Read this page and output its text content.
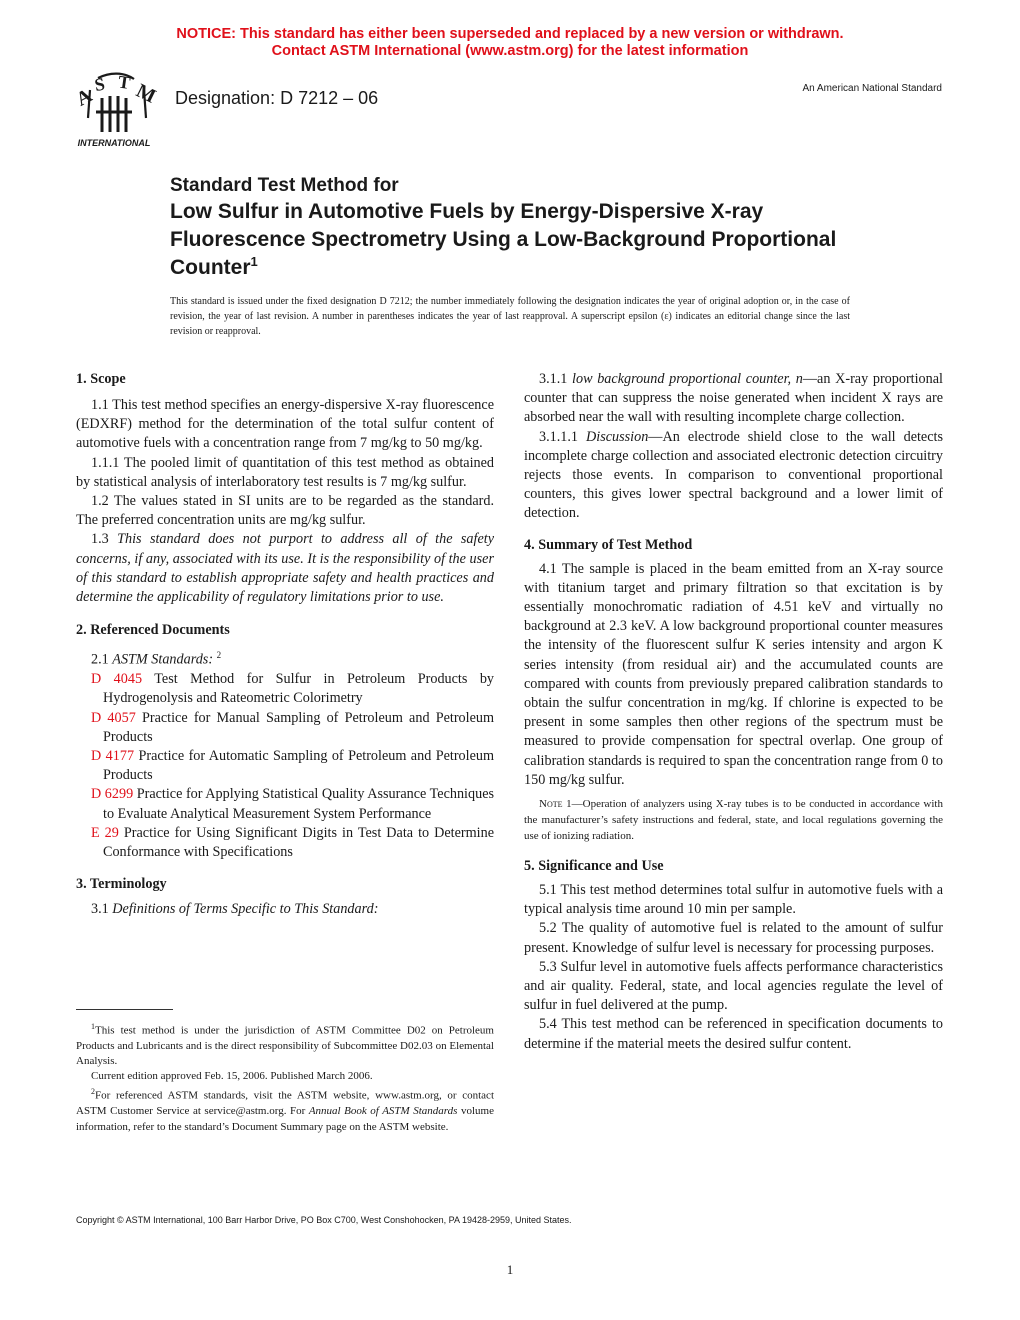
NOTICE: This standard has either been superseded and replaced by a new version or withdrawn.
Contact ASTM International (www.astm.org) for the latest information
A
S T M
INTERNATIONAL
Designation: D 7212 – 06	An American National Standard
Standard Test Method for
Low Sulfur in Automotive Fuels by Energy-Dispersive X-ray Fluorescence Spectrometry Using a Low-Background Proportional Counter$^1$
This standard is issued under the fixed designation D 7212; the number immediately following the designation indicates the year of original adoption or, in the case of revision, the year of last revision. A number in parentheses indicates the year of last reapproval. A superscript epsilon (ε) indicates an editorial change since the last revision or reapproval.
1. Scope

1.1 This test method specifies an energy-dispersive X-ray fluorescence (EDXRF) method for the determination of the total sulfur content of automotive fuels with a concentration range from 7 mg/kg to 50 mg/kg.

1.1.1 The pooled limit of quantitation of this test method as obtained by statistical analysis of interlaboratory test results is 7 mg/kg sulfur.

1.2 The values stated in SI units are to be regarded as the standard. The preferred concentration units are mg/kg sulfur.

1.3 This standard does not purport to address all of the safety concerns, if any, associated with its use. It is the responsibility of the user of this standard to establish appropriate safety and health practices and determine the applicability of regulatory limitations prior to use.

2. Referenced Documents

2.1 ASTM Standards: $^2$

D 4045 Test Method for Sulfur in Petroleum Products by Hydrogenolysis and Rateometric Colorimetry

D 4057 Practice for Manual Sampling of Petroleum and Petroleum Products

D 4177 Practice for Automatic Sampling of Petroleum and Petroleum Products

D 6299 Practice for Applying Statistical Quality Assurance Techniques to Evaluate Analytical Measurement System Performance

E 29 Practice for Using Significant Digits in Test Data to Determine Conformance with Specifications

3. Terminology

3.1 Definitions of Terms Specific to This Standard:

$^1$This test method is under the jurisdiction of ASTM Committee D02 on Petroleum Products and Lubricants and is the direct responsibility of Subcommittee D02.03 on Elemental Analysis.

Current edition approved Feb. 15, 2006. Published March 2006.

$^2$For referenced ASTM standards, visit the ASTM website, www.astm.org, or contact ASTM Customer Service at service@astm.org. For Annual Book of ASTM Standards volume information, refer to the standard’s Document Summary page on the ASTM website.

3.1.1 low background proportional counter, n—an X-ray proportional counter that can suppress the noise generated when incident X rays are absorbed near the wall with resulting incomplete charge collection.

3.1.1.1 Discussion—An electrode shield close to the wall detects incomplete charge collection and associated electronic detection circuitry rejects those events. In comparison to conventional proportional counters, this gives lower spectral background and a lower limit of detection.

4. Summary of Test Method

4.1 The sample is placed in the beam emitted from an X-ray source with titanium target and primary filtration so that excitation is by essentially monochromatic radiation of 4.51 keV and virtually no background at 2.3 keV. A low background proportional counter measures the intensity of the fluorescent sulfur K series intensity and argon K series intensity (from residual air) and the accumulated counts are compared with counts from previously prepared calibration standards to obtain the sulfur concentration in mg/kg. If chlorine is expected to be present in some samples then other regions of the spectrum must be measured to provide compensation for spectral overlap. One group of calibration standards is required to span the concentration range from 0 to 150 mg/kg sulfur.

Note 1—Operation of analyzers using X-ray tubes is to be conducted in accordance with the manufacturer’s safety instructions and federal, state, and local regulations governing the use of ionizing radiation.

5. Significance and Use

5.1 This test method determines total sulfur in automotive fuels with a typical analysis time around 10 min per sample.

5.2 The quality of automotive fuel is related to the amount of sulfur present. Knowledge of sulfur level is necessary for processing purposes.

5.3 Sulfur level in automotive fuels affects performance characteristics and air quality. Federal, state, and local agencies regulate the level of sulfur in fuel delivered at the pump.

5.4 This test method can be referenced in specification documents to determine if the material meets the desired sulfur content.

Copyright © ASTM International, 100 Barr Harbor Drive, PO Box C700, West Conshohocken, PA 19428-2959, United States.
1
